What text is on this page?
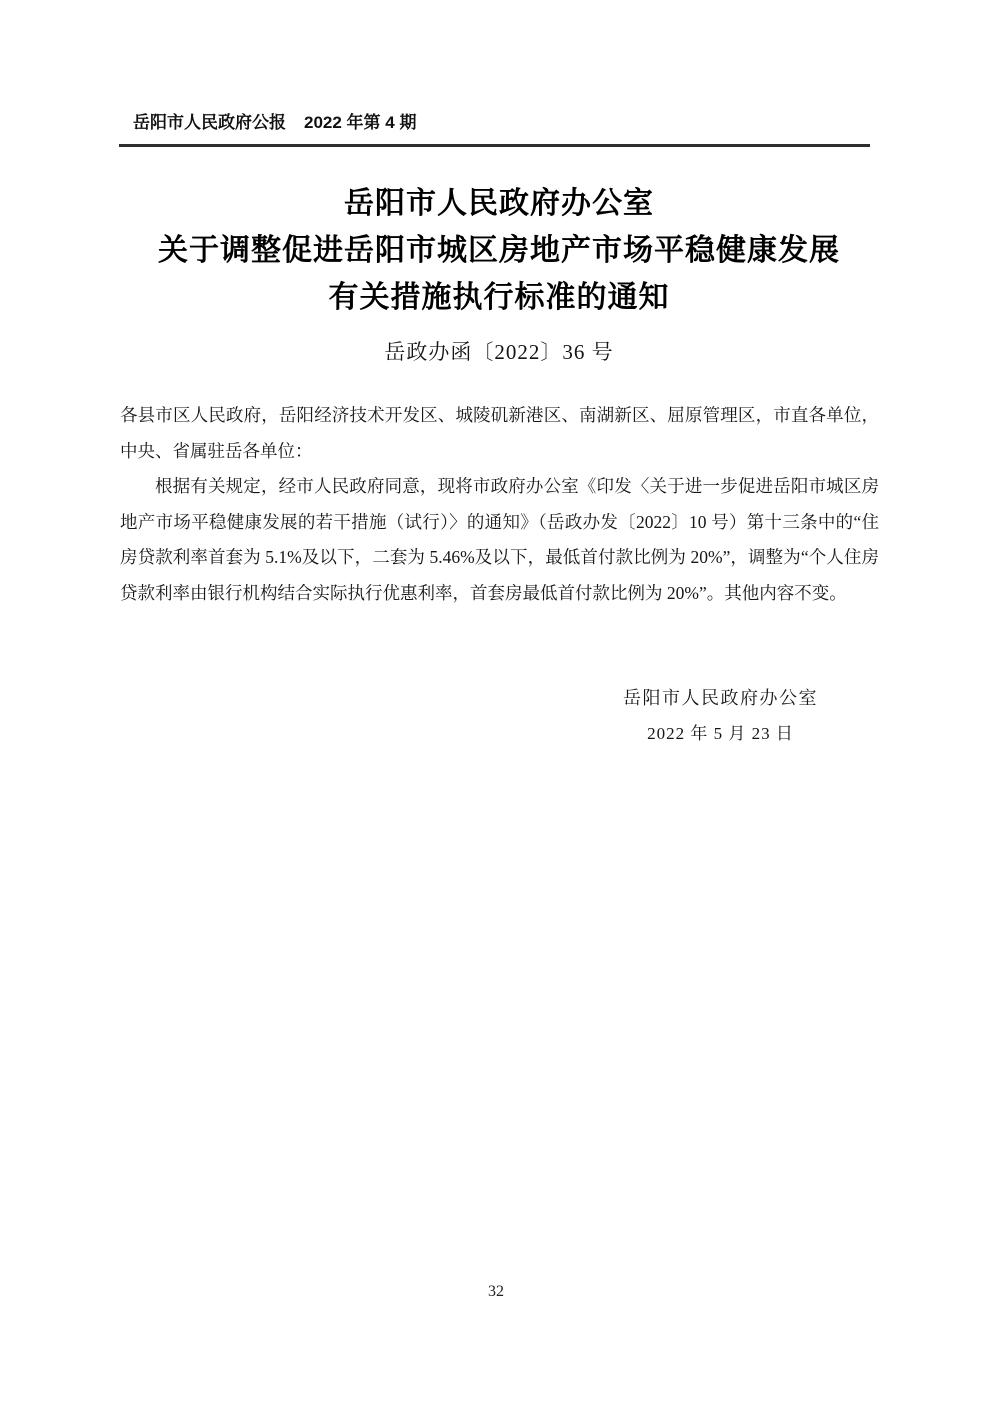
岳阳市人民政府公报 2022 年第 4 期
岳阳市人民政府办公室
关于调整促进岳阳市城区房地产市场平稳健康发展
有关措施执行标准的通知
岳政办函〔2022〕36 号

各县市区人民政府，岳阳经济技术开发区、城陵矶新港区、南湖新区、屈原管理区，市直各单位，中央、省属驻岳各单位：

根据有关规定，经市人民政府同意，现将市政府办公室《印发〈关于进一步促进岳阳市城区房地产市场平稳健康发展的若干措施（试行）〉的通知》（岳政办发〔2022〕10 号）第十三条中的“住房贷款利率首套为 5.1%及以下，二套为 5.46%及以下，最低首付款比例为 20%”，调整为“个人住房贷款利率由银行机构结合实际执行优惠利率，首套房最低首付款比例为 20%”。其他内容不变。

岳阳市人民政府办公室
2022 年 5 月 23 日
32
